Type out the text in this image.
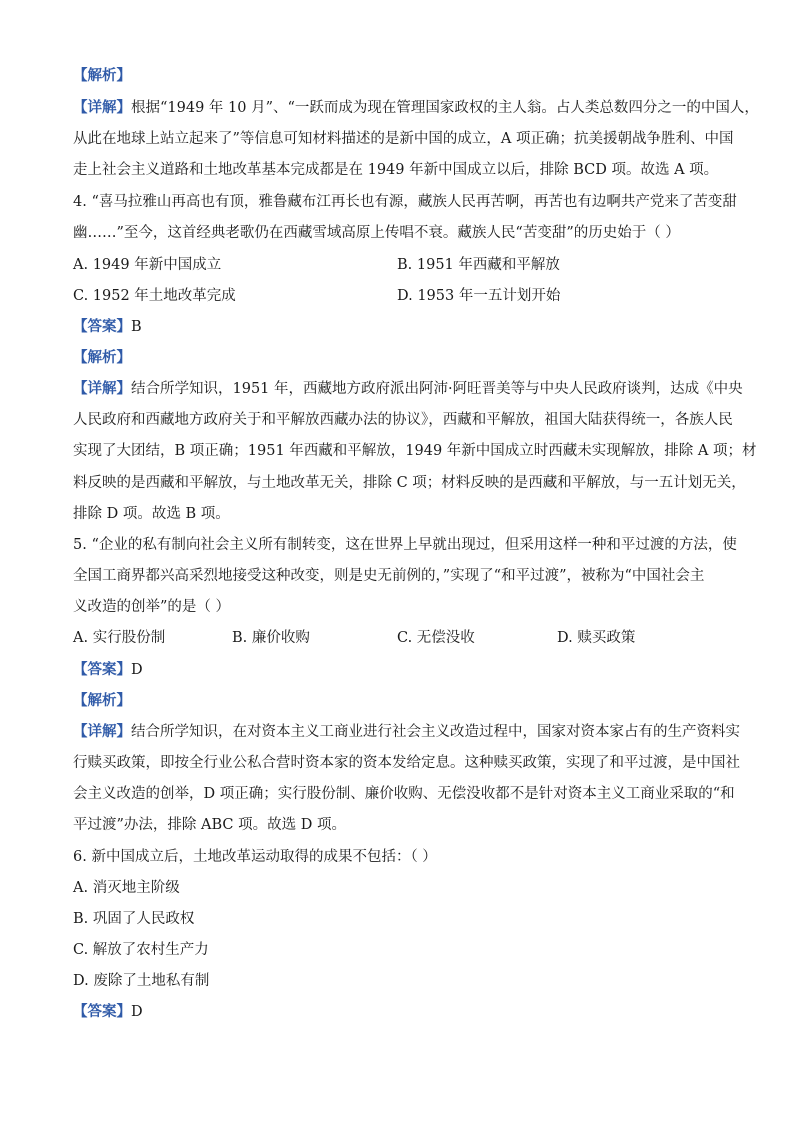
【解析】
【详解】根据“1949 年 10 月”、“一跃而成为现在管理国家政权的主人翁。占人类总数四分之一的中国人，
从此在地球上站立起来了”等信息可知材料描述的是新中国的成立，A 项正确；抗美援朝战争胜利、中国
走上社会主义道路和土地改革基本完成都是在 1949 年新中国成立以后，排除 BCD 项。故选 A 项。
4. “喜马拉雅山再高也有顶，雅鲁藏布江再长也有源，藏族人民再苦啊，再苦也有边啊共产党来了苦变甜
幽……”至今，这首经典老歌仍在西藏雪域高原上传唱不衰。藏族人民“苦变甜”的历史始于（ ）
A. 1949 年新中国成立	B. 1951 年西藏和平解放
C. 1952 年土地改革完成	D. 1953 年一五计划开始
【答案】B
【解析】
【详解】结合所学知识，1951 年，西藏地方政府派出阿沛·阿旺晋美等与中央人民政府谈判，达成《中央
人民政府和西藏地方政府关于和平解放西藏办法的协议》，西藏和平解放，祖国大陆获得统一，各族人民
实现了大团结，B 项正确；1951 年西藏和平解放，1949 年新中国成立时西藏未实现解放，排除 A 项；材
料反映的是西藏和平解放，与土地改革无关，排除 C 项；材料反映的是西藏和平解放，与一五计划无关，
排除 D 项。故选 B 项。
5. “企业的私有制向社会主义所有制转变，这在世界上早就出现过，但采用这样一种和平过渡的方法，使
全国工商界都兴高采烈地接受这种改变，则是史无前例的，”实现了“和平过渡”，被称为“中国社会主
义改造的创举”的是（ ）
A. 实行股份制	B. 廉价收购	C. 无偿没收	D. 赎买政策
【答案】D
【解析】
【详解】结合所学知识，在对资本主义工商业进行社会主义改造过程中，国家对资本家占有的生产资料实
行赎买政策，即按全行业公私合营时资本家的资本发给定息。这种赎买政策，实现了和平过渡，是中国社
会主义改造的创举，D 项正确；实行股份制、廉价收购、无偿没收都不是针对资本主义工商业采取的“和
平过渡”办法，排除 ABC 项。故选 D 项。
6. 新中国成立后，土地改革运动取得的成果不包括：（ ）
A. 消灭地主阶级
B. 巩固了人民政权
C. 解放了农村生产力
D. 废除了土地私有制
【答案】D
